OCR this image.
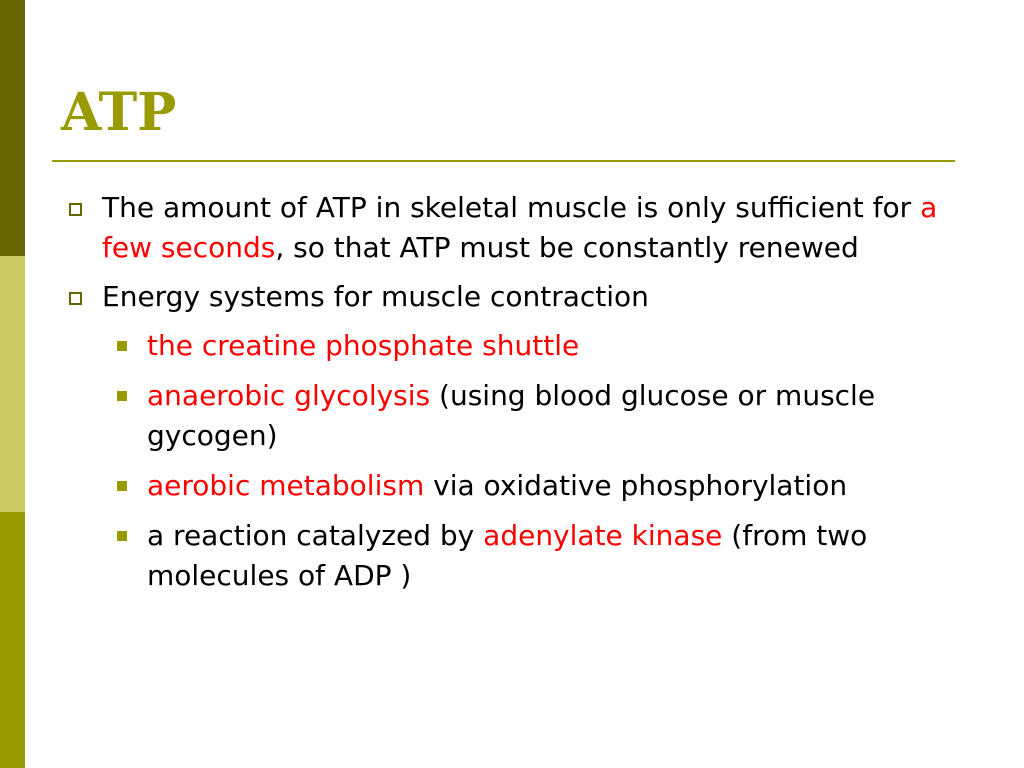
ATP
The amount of ATP in skeletal muscle is only sufficient for a few seconds, so that ATP must be constantly renewed
Energy systems for muscle contraction
the creatine phosphate shuttle
anaerobic glycolysis (using blood glucose or muscle gycogen)
aerobic metabolism via oxidative phosphorylation
a reaction catalyzed by adenylate kinase (from two molecules of ADP )
